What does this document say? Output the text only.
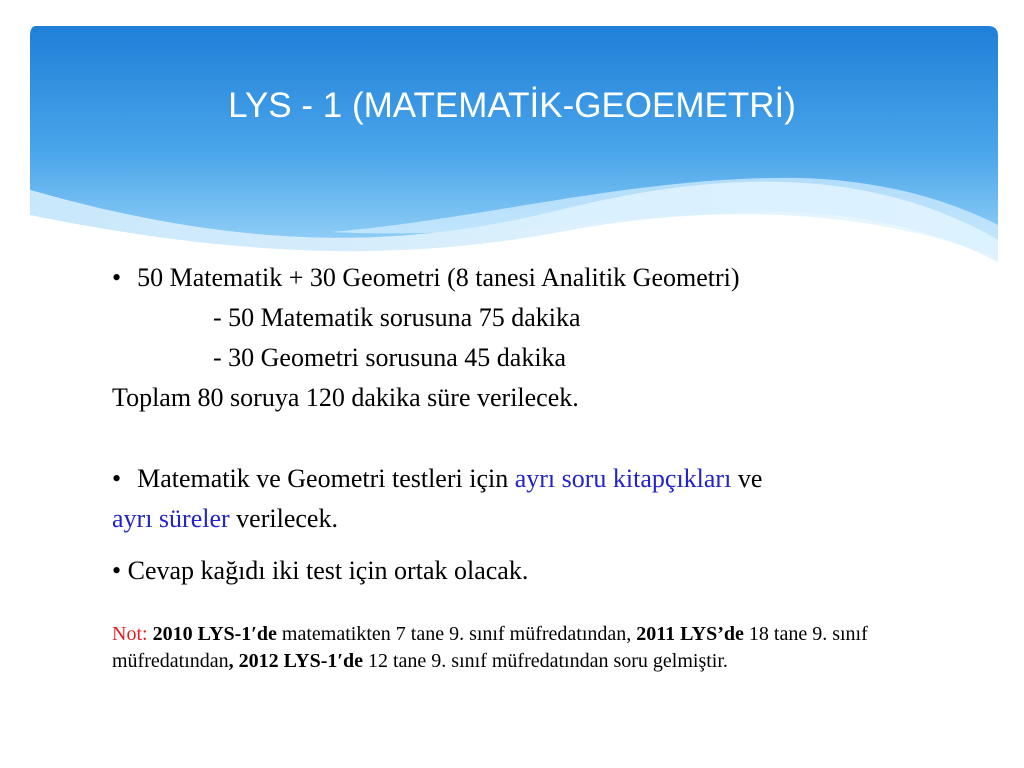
LYS - 1 (MATEMATİK-GEOEMETRİ)
• 50 Matematik + 30 Geometri (8 tanesi Analitik Geometri)
- 50 Matematik sorusuna 75 dakika
- 30 Geometri sorusuna 45 dakika
Toplam 80 soruya 120 dakika süre verilecek.
• Matematik ve Geometri testleri için ayrı soru kitapçıkları ve
ayrı süreler verilecek.
• Cevap kağıdı iki test için ortak olacak.
Not: 2010 LYS-1′de matematikten 7 tane 9. sınıf müfredatından, 2011 LYS’de 18 tane 9. sınıf müfredatından, 2012 LYS-1′de 12 tane 9. sınıf müfredatından soru gelmiştir.
